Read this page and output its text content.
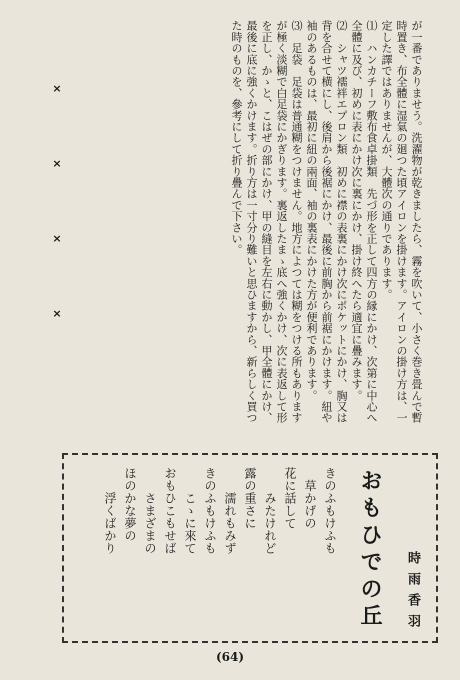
が一番でありませう。洗濯物が乾きましたら、霧を吹いて、小さく巻き畳んで暫時置き、布全體に湿氣の廻つた頃アイロンを掛けます。アイロンの掛け方は、一定した譯ではありませんが、大體次の通りであります。
⑴　ハンカチーフ敷布食卓掛類　先づ形を正して四方の縁にかけ、次第に中心へ全體に及び、初めに表にかけ次に裏にかけ、掛け終へたら適宜に疊みます。
⑵　シャツ襦袢エプロン類　初めに襟の表裏にかけ次にポケットにかけ、胸又は背を合せて横にし、後肩から後裾にかけ、最後に前胸から前裾にかけます。紐や袖のあるものは、最初に紐の兩面、袖の裏表にかけた方が便利であります。
⑶　足袋　足袋は普通糊をつけません。地方によつては糊をつける所もありますが極く淡糊で白足袋にかぎります。裏返したまゝ底へ強くかけ、次に表返して形を正し、かゝと、こはぜの部にかけ、甲の縫目を左右に動かし、甲全體にかけ、最後に底に強くかけます。折り方は一寸分り難いと思ひますから、新らしく買つた時のものを、參考にして折り疊んで下さい。
×
×
×
×
おもひでの丘 時雨香羽
きのふもけふも
　草かげの
花に話して
　　みたけれど
露の重さに
　　濡れもみず
きのふもけふも
　　こゝに來て
おもひこもせば
　　さまざまの
ほのかな夢の
　　浮くばかり
(64)
